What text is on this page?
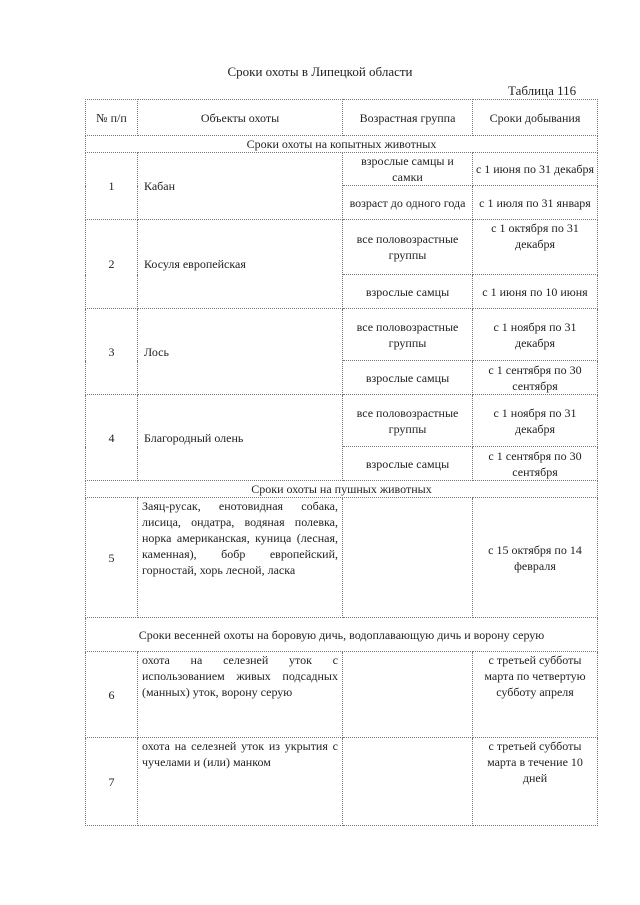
Сроки охоты в Липецкой области
Таблица 116
№ п/п	Объекты охоты	Возрастная группа	Сроки добывания
Сроки охоты на копытных животных			
1	Кабан	взрослые самцы и самки	с 1 июня по 31 декабря
		возраст до одного года	с 1 июля по 31 января
2	Косуля европейская	все половозрастные группы	с 1 октября по 31 декабря
		взрослые самцы	с 1 июня по 10 июня
3	Лось	все половозрастные группы	с 1 ноября по 31 декабря
		взрослые самцы	с 1 сентября по 30 сентября
4	Благородный олень	все половозрастные группы	с 1 ноября по 31 декабря
		взрослые самцы	с 1 сентября по 30 сентября
Сроки охоты на пушных животных			
5	Заяц-русак, енотовидная собака, лисица, ондатра, водяная полевка, норка американская, куница (лесная, каменная), бобр европейский, горностай, хорь лесной, ласка		с 15 октября по 14 февраля
Сроки весенней охоты на боровую дичь, водоплавающую дичь и ворону серую			
6	охота на селезней уток с использованием живых подсадных (манных) уток, ворону серую		с третьей субботы марта по четвертую субботу апреля
7	охота на селезней уток из укрытия с чучелами и (или) манком		с третьей субботы марта в течение 10 дней
